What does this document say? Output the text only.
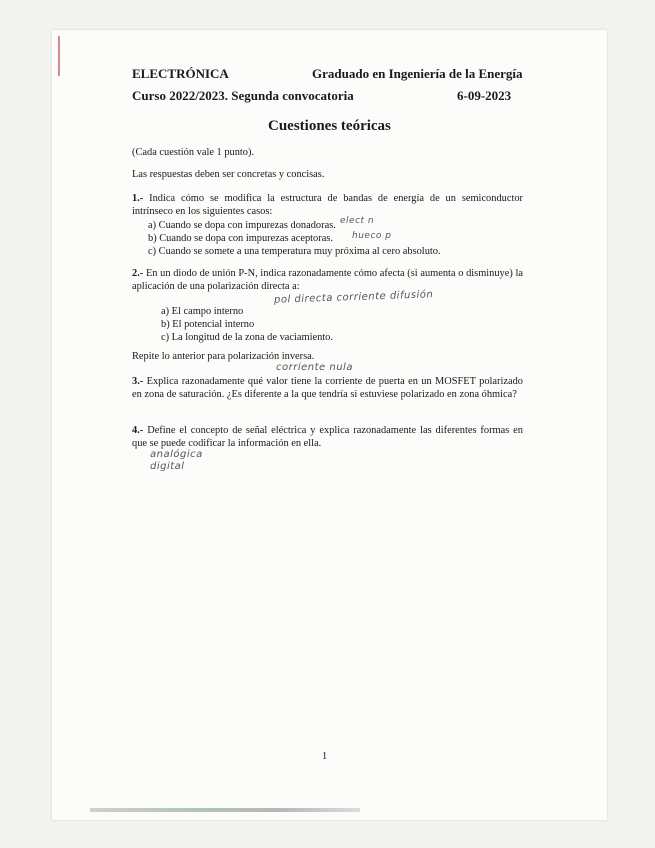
ELECTRÓNICA	Graduado en Ingeniería de la Energía
Curso 2022/2023. Segunda convocatoria	6-09-2023
Cuestiones teóricas
(Cada cuestión vale 1 punto).
Las respuestas deben ser concretas y concisas.
1.- Indica cómo se modifica la estructura de bandas de energía de un semiconductor intrínseco en los siguientes casos:
a) Cuando se dopa con impurezas donadoras.
b) Cuando se dopa con impurezas aceptoras.
c) Cuando se somete a una temperatura muy próxima al cero absoluto.
elect n
hueco p
2.- En un diodo de unión P-N, indica razonadamente cómo afecta (si aumenta o disminuye) la aplicación de una polarización directa a:
pol directa corriente difusión
a) El campo interno
b) El potencial interno
c) La longitud de la zona de vaciamiento.
Repite lo anterior para polarización inversa.
corriente nula
3.- Explica razonadamente qué valor tiene la corriente de puerta en un MOSFET polarizado en zona de saturación. ¿Es diferente a la que tendría si estuviese polarizado en zona óhmica?
4.- Define el concepto de señal eléctrica y explica razonadamente las diferentes formas en que se puede codificar la información en ella.
analógica
digital
1
